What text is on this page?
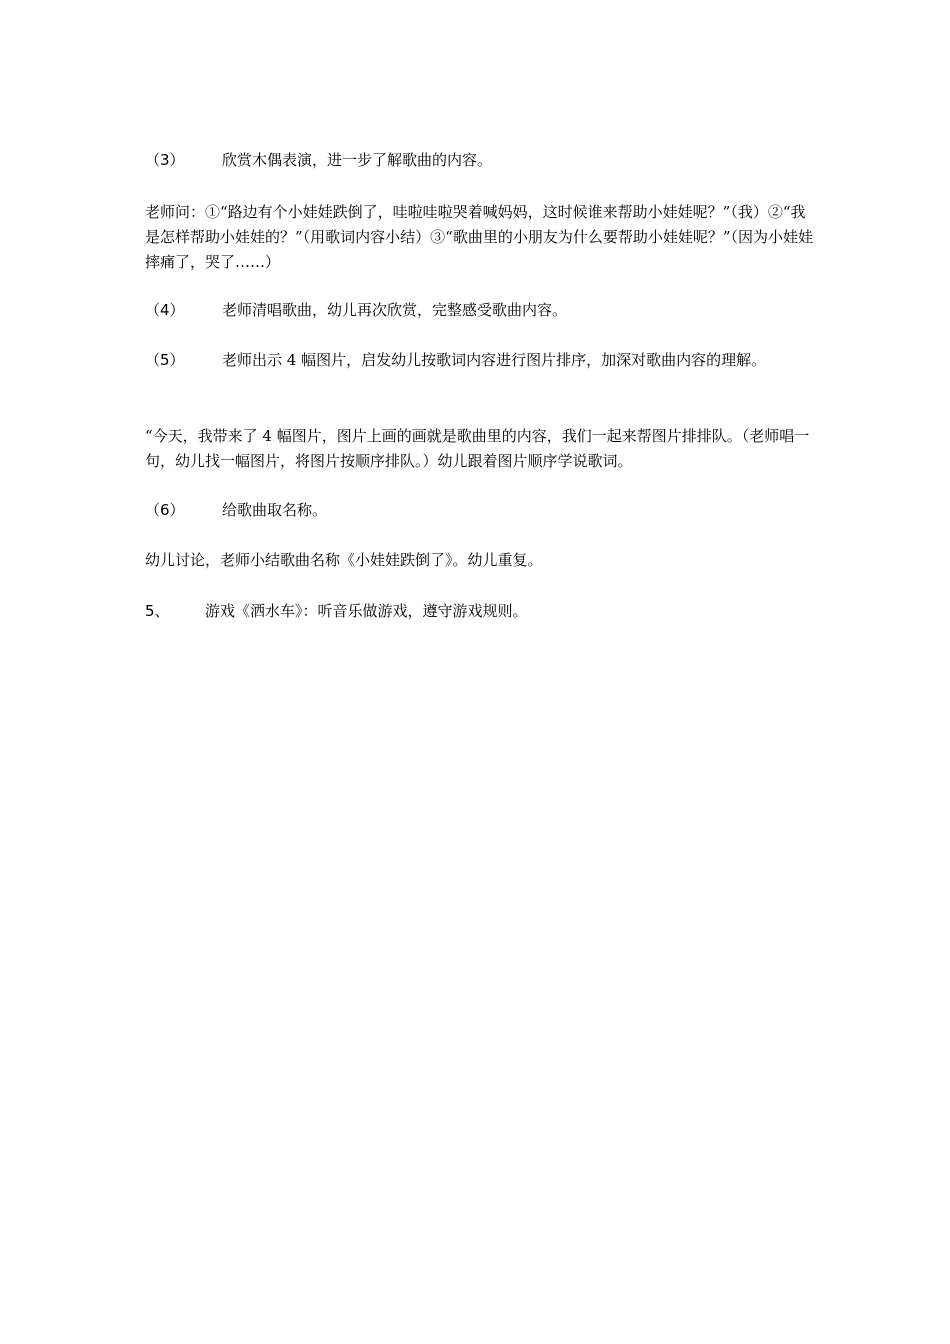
（3） 欣赏木偶表演，进一步了解歌曲的内容。

老师问：①“路边有个小娃娃跌倒了，哇啦哇啦哭着喊妈妈，这时候谁来帮助小娃娃呢？”（我）②“我是怎样帮助小娃娃的？”（用歌词内容小结）③“歌曲里的小朋友为什么要帮助小娃娃呢？”（因为小娃娃摔痛了，哭了……）

（4） 老师清唱歌曲，幼儿再次欣赏，完整感受歌曲内容。

（5） 老师出示 4 幅图片，启发幼儿按歌词内容进行图片排序，加深对歌曲内容的理解。

“今天，我带来了 4 幅图片，图片上画的画就是歌曲里的内容，我们一起来帮图片排排队。（老师唱一句，幼儿找一幅图片，将图片按顺序排队。）幼儿跟着图片顺序学说歌词。

（6） 给歌曲取名称。

幼儿讨论，老师小结歌曲名称《小娃娃跌倒了》。幼儿重复。

5、 游戏《洒水车》：听音乐做游戏，遵守游戏规则。
